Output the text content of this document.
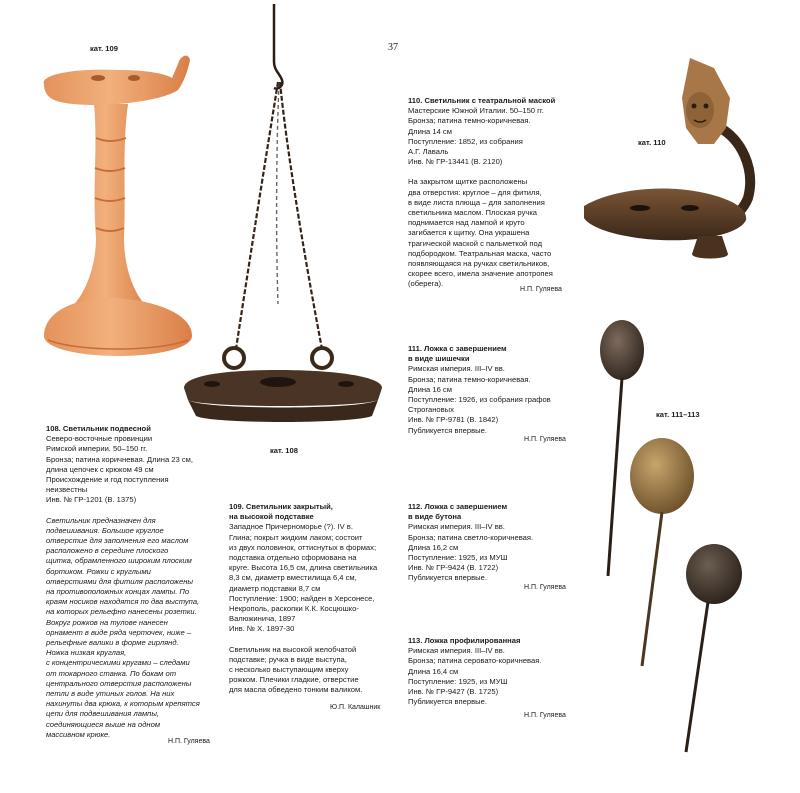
37
кат. 109
кат. 108
кат. 110
кат. 111–113
108. Светильник подвесной

Северо-восточные провинции

Римской империи. 50–150 гг.

Бронза; патина коричневая. Длина 23 см,

длина цепочек с крюком 49 см

Происхождение и год поступления

неизвестны

Инв. № ГР-1201 (В. 1375)

Светильник предназначен для

подвешивания. Большое круглое

отверстие для заполнения его маслом

расположено в середине плоского

щитка, обрамленного широким плоским

бортиком. Рожки с круглыми

отверстиями для фитиля расположены

на противоположных концах лампы. По

краям носиков находятся по два выступа,

на которых рельефно нанесены розетки.

Вокруг рожков на тулове нанесен

орнамент в виде ряда черточек, ниже –

рельефные валики в форме гирлянд.

Ножка низкая круглая,

с концентрическими кругами – следами

от токарного станка. По бокам от

центрального отверстия расположены

петли в виде утиных голов. На них

нахинуты два крюка, к которым крепятся

цепи для подвешивания лампы,

соединяющиеся выше на одном

массивном крюке.

Н.П. Гуляева
109. Светильник закрытый,
на высокой подставке

Западное Причерноморье (?). IV в.

Глина; покрыт жидким лаком; состоит

из двух половинок, оттиснутых в формах;

подставка отдельно сформована на

круге. Высота 16,5 см, длина светильника

8,3 см, диаметр вместилища 6,4 см,

диаметр подставки 8,7 см

Поступление: 1900; найден в Херсонесе,

Некрополь, раскопки К.К. Косцюшко-

Валюжинича, 1897

Инв. № Х. 1897-30

Светильник на высокой желобчатой

подставке; ручка в виде выступа,

с несколько выступающим кверху

рожком. Плечики гладкие, отверстие

для масла обведено тонким валиком.

Ю.П. Калашник
110. Светильник с театральной маской

Мастерские Южной Италии. 50–150 гг.

Бронза; патина темно-коричневая.

Длина 14 см

Поступление: 1852, из собрания

А.Г. Лаваль

Инв. № ГР-13441 (В. 2120)

На закрытом щитке расположены

два отверстия: круглое – для фитиля,

в виде листа плюща – для заполнения

светильника маслом. Плоская ручка

поднимается над лампой и круто

загибается к щитку. Она украшена

трагической маской с пальметкой под

подбородком. Театральная маска, часто

появляющаяся на ручках светильников,

скорее всего, имела значение апотропея

(оберега).

Н.П. Гуляева
111. Ложка с завершением
в виде шишечки

Римская империя. III–IV вв.

Бронза; патина темно-коричневая.

Длина 16 см

Поступление: 1926, из собрания графов

Строгановых

Инв. № ГР-9781 (В. 1842)

Публикуется впервые.

Н.П. Гуляева
112. Ложка с завершением
в виде бутона

Римская империя. III–IV вв.

Бронза; патина светло-коричневая.

Длина 16,2 см

Поступление: 1925, из МУШ

Инв. № ГР-9424 (В. 1722)

Публикуется впервые.

Н.П. Гуляева
113. Ложка профилированная

Римская империя. III–IV вв.

Бронза; патина серовато-коричневая.

Длина 16,4 см

Поступление: 1925, из МУШ

Инв. № ГР-9427 (В. 1725)

Публикуется впервые.

Н.П. Гуляева
